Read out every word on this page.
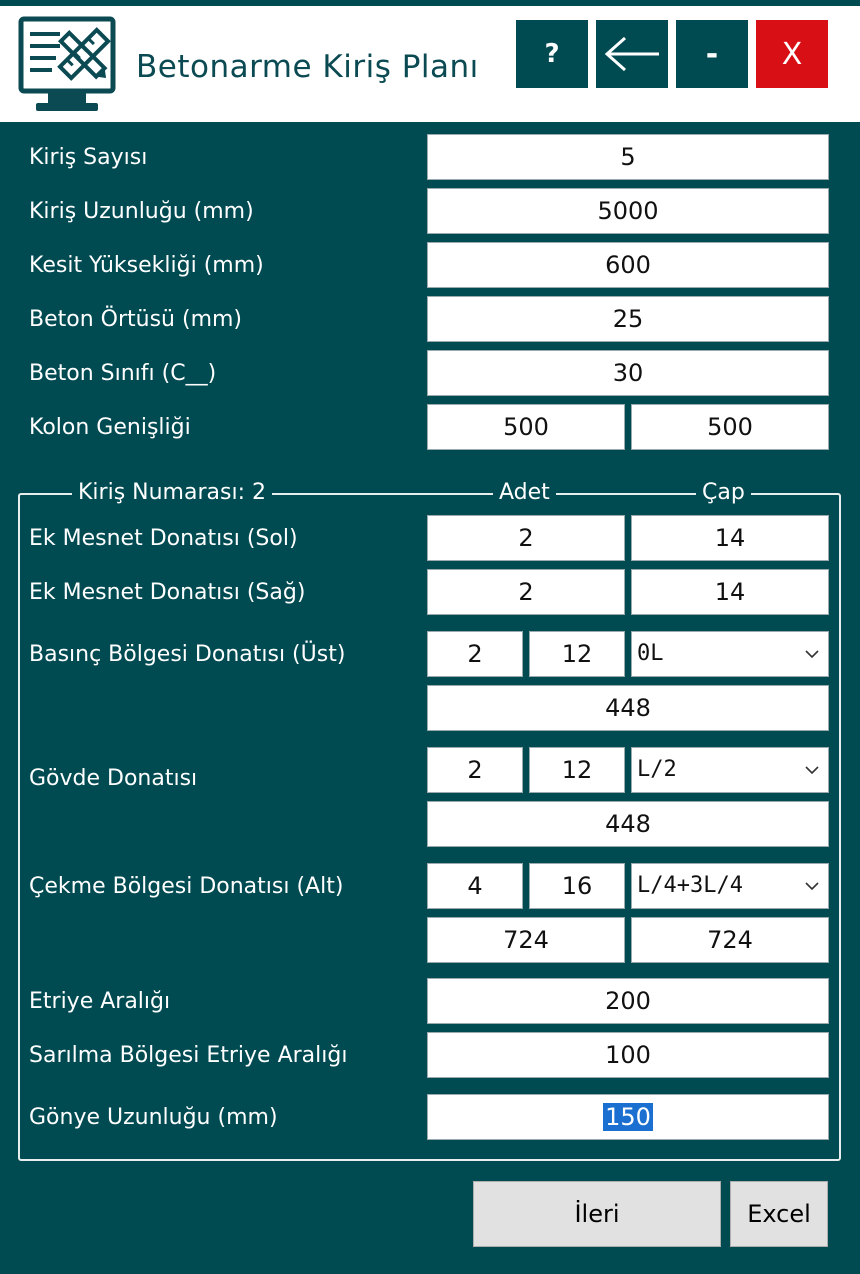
Betonarme Kiriş Planı	?	-	X
Kiriş Sayısı	5
Kiriş Uzunluğu (mm)	5000
Kesit Yüksekliği (mm)	600
Beton Örtüsü (mm)	25
Beton Sınıfı (C__)	30
Kolon Genişliği	500	500
Kiriş Numarası: 2	Adet	Çap
Ek Mesnet Donatısı (Sol)	2	14
Ek Mesnet Donatısı (Sağ)	2	14
Basınç Bölgesi Donatısı (Üst)	2	12	0L
448
Gövde Donatısı	2	12	L/2
448
Çekme Bölgesi Donatısı (Alt)	4	16	L/4+3L/4
724	724
Etriye Aralığı	200
Sarılma Bölgesi Etriye Aralığı	100
Gönye Uzunluğu (mm)	150
İleri	Excel
